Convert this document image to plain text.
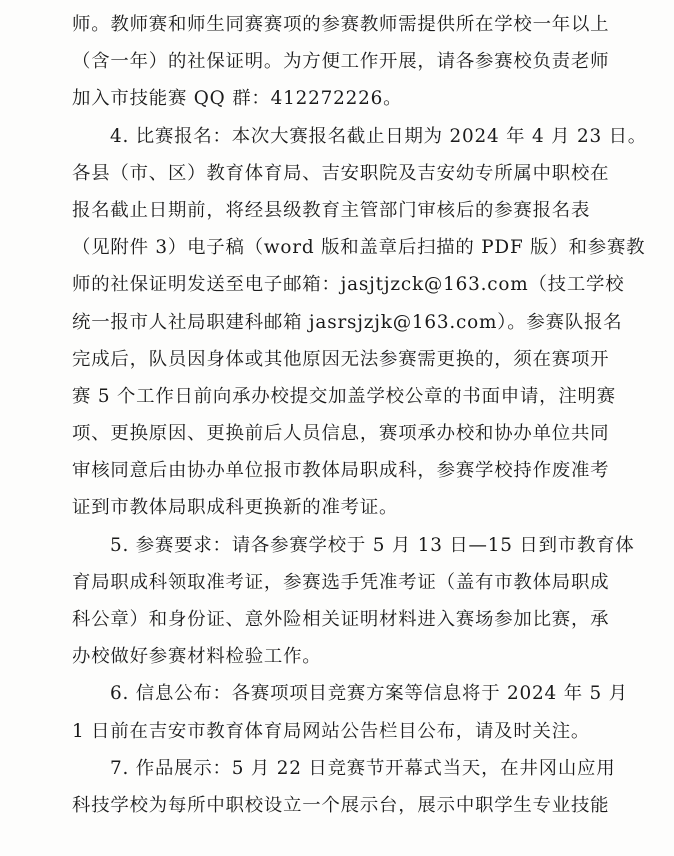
师。教师赛和师生同赛赛项的参赛教师需提供所在学校一年以上
（含一年）的社保证明。为方便工作开展，请各参赛校负责老师
加入市技能赛 QQ 群：412272226。
4. 比赛报名：本次大赛报名截止日期为 2024 年 4 月 23 日。
各县（市、区）教育体育局、吉安职院及吉安幼专所属中职校在
报名截止日期前，将经县级教育主管部门审核后的参赛报名表
（见附件 3）电子稿（word 版和盖章后扫描的 PDF 版）和参赛教
师的社保证明发送至电子邮箱：jasjtjzck@163.com（技工学校
统一报市人社局职建科邮箱 jasrsjzjk@163.com）。参赛队报名
完成后，队员因身体或其他原因无法参赛需更换的，须在赛项开
赛 5 个工作日前向承办校提交加盖学校公章的书面申请，注明赛
项、更换原因、更换前后人员信息，赛项承办校和协办单位共同
审核同意后由协办单位报市教体局职成科，参赛学校持作废准考
证到市教体局职成科更换新的准考证。
5. 参赛要求：请各参赛学校于 5 月 13 日—15 日到市教育体
育局职成科领取准考证，参赛选手凭准考证（盖有市教体局职成
科公章）和身份证、意外险相关证明材料进入赛场参加比赛，承
办校做好参赛材料检验工作。
6. 信息公布：各赛项项目竞赛方案等信息将于 2024 年 5 月
1 日前在吉安市教育体育局网站公告栏目公布，请及时关注。
7. 作品展示：5 月 22 日竞赛节开幕式当天，在井冈山应用
科技学校为每所中职校设立一个展示台，展示中职学生专业技能
